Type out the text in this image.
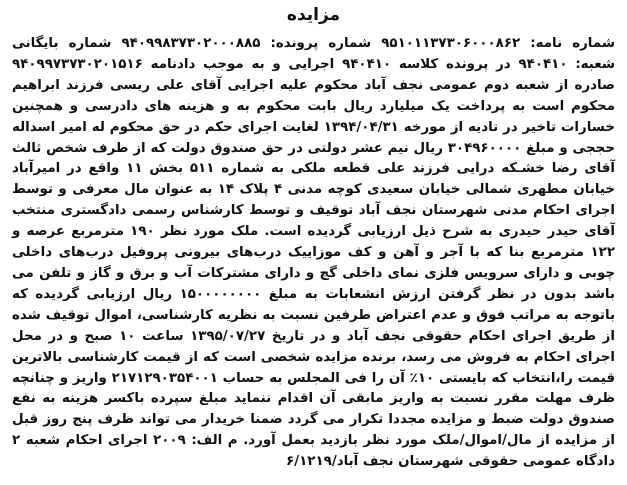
مزایده

شماره نامه: ۹۵۱۰۱۱۳۷۳۰۶۰۰۰۸۶۲ شماره پرونده: ۹۴۰۹۹۸۳۷۳۰۲۰۰۰۸۸۵ شماره بایگانی شعبه: ۹۴۰۴۱۰ در پرونده کلاسه ۹۴۰۴۱۰ اجرایی و به موجب دادنامه ۹۴۰۹۹۷۳۷۳۰۲۰۱۵۱۶ صادره از شعبه دوم عمومی نجف آباد محکوم علیه اجرایی آقای علی ریسی فرزند ابراهیم محکوم است به پرداخت یک میلیارد ریال بابت محکوم به و هزینه های دادرسی و همچنین خسارات تاخیر در تادیه از مورخه ۱۳۹۴/۰۴/۳۱ لغایت اجرای حکم در حق محکوم له امیر اسداله حججی و مبلغ ۳۰۴۹۶۰۰۰۰ ریال نیم عشر دولتی در حق صندوق دولت که از طرف شخص ثالث آقای رضا خشـکه درایی فرزند علی قطعه ملکی به شماره ۵۱۱ بخش ۱۱ واقع در امیرآباد خیابان مطهری شمالی خیابان سعیدی کوچه مدنی ۴ پلاک ۱۴ به عنوان مال معرفی و توسط اجرای احکام مدنی شهرستان نجف آباد توقیف و توسط کارشناس رسمی دادگستری منتخب آقای حیدر حیدری به شرح ذیل ارزیابی گردیده است. ملک مورد نظر ۱۹۰ مترمربع عرصه و ۱۲۲ مترمربع بنا که با آجر و آهن و کف موزاییک درب‌های بیرونی پروفیل درب‌های داخلی چوبی و دارای سرویس فلزی نمای داخلی گچ و دارای مشترکات آب و برق و گاز و تلفن می باشد بدون در نظر گرفتن ارزش انشعابات به مبلغ ۱۵۰۰۰۰۰۰۰۰ ریال ارزیابی گردیده که باتوجه به مراتب فوق و عدم اعتراض طرفین نسبت به نظریه کارشناسی، اموال توقیف شده از طریق اجرای احکام حقوقی نجف آباد و در تاریخ ۱۳۹۵/۰۷/۲۷ ساعت ۱۰ صبح و در محل اجرای احکام به فروش می رسد، برنده مزایده شخصی است که از قیمت کارشناسی بالاترین قیمت را،انتخاب که بایستی ۱۰٪ آن را فی المجلس به حساب ۲۱۷۱۲۹۰۳۵۴۰۰۱ واریز و چنانچه ظرف مهلت مقرر نسبت به واریز مابقی آن اقدام ننماید مبلغ سپرده باکسر هزینه به نفع صندوق دولت ضبط و مزایده مجددا تکرار می گردد ضمنا خریدار می تواند ظرف پنج روز قبل از مزایده از مال/اموال/ملک مورد نظر بازدید بعمل آورد. م الف: ۲۰۰۹ اجرای احکام شعبه ۲ دادگاه عمومی حقوقی شهرستان نجف آباد/۶/۱۲۱۹
